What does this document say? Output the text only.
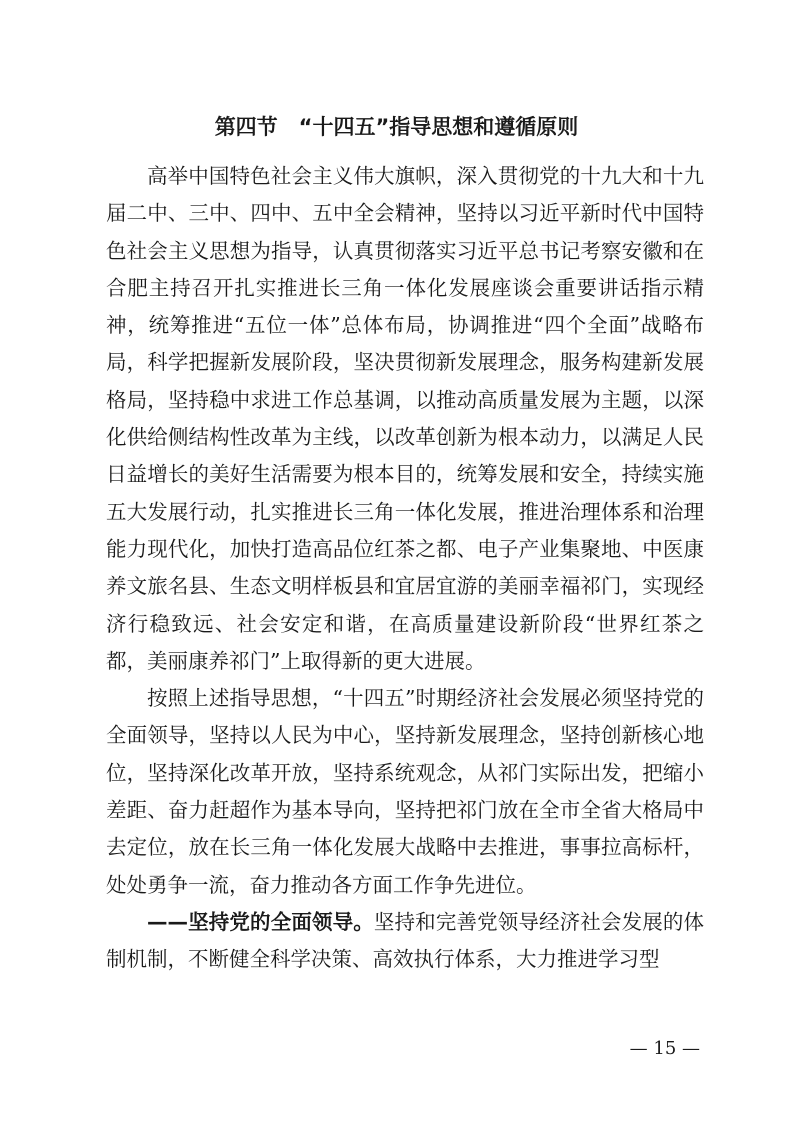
第四节　“十四五”指导思想和遵循原则

高举中国特色社会主义伟大旗帜，深入贯彻党的十九大和十九届二中、三中、四中、五中全会精神，坚持以习近平新时代中国特色社会主义思想为指导，认真贯彻落实习近平总书记考察安徽和在合肥主持召开扎实推进长三角一体化发展座谈会重要讲话指示精神，统筹推进“五位一体”总体布局，协调推进“四个全面”战略布局，科学把握新发展阶段，坚决贯彻新发展理念，服务构建新发展格局，坚持稳中求进工作总基调，以推动高质量发展为主题，以深化供给侧结构性改革为主线，以改革创新为根本动力，以满足人民日益增长的美好生活需要为根本目的，统筹发展和安全，持续实施五大发展行动，扎实推进长三角一体化发展，推进治理体系和治理能力现代化，加快打造高品位红茶之都、电子产业集聚地、中医康养文旅名县、生态文明样板县和宜居宜游的美丽幸福祁门，实现经济行稳致远、社会安定和谐，在高质量建设新阶段“世界红茶之都，美丽康养祁门”上取得新的更大进展。

按照上述指导思想，“十四五”时期经济社会发展必须坚持党的全面领导，坚持以人民为中心，坚持新发展理念，坚持创新核心地位，坚持深化改革开放，坚持系统观念，从祁门实际出发，把缩小差距、奋力赶超作为基本导向，坚持把祁门放在全市全省大格局中去定位，放在长三角一体化发展大战略中去推进，事事拉高标杆，处处勇争一流，奋力推动各方面工作争先进位。

——坚持党的全面领导。坚持和完善党领导经济社会发展的体制机制，不断健全科学决策、高效执行体系，大力推进学习型

— 15 —
